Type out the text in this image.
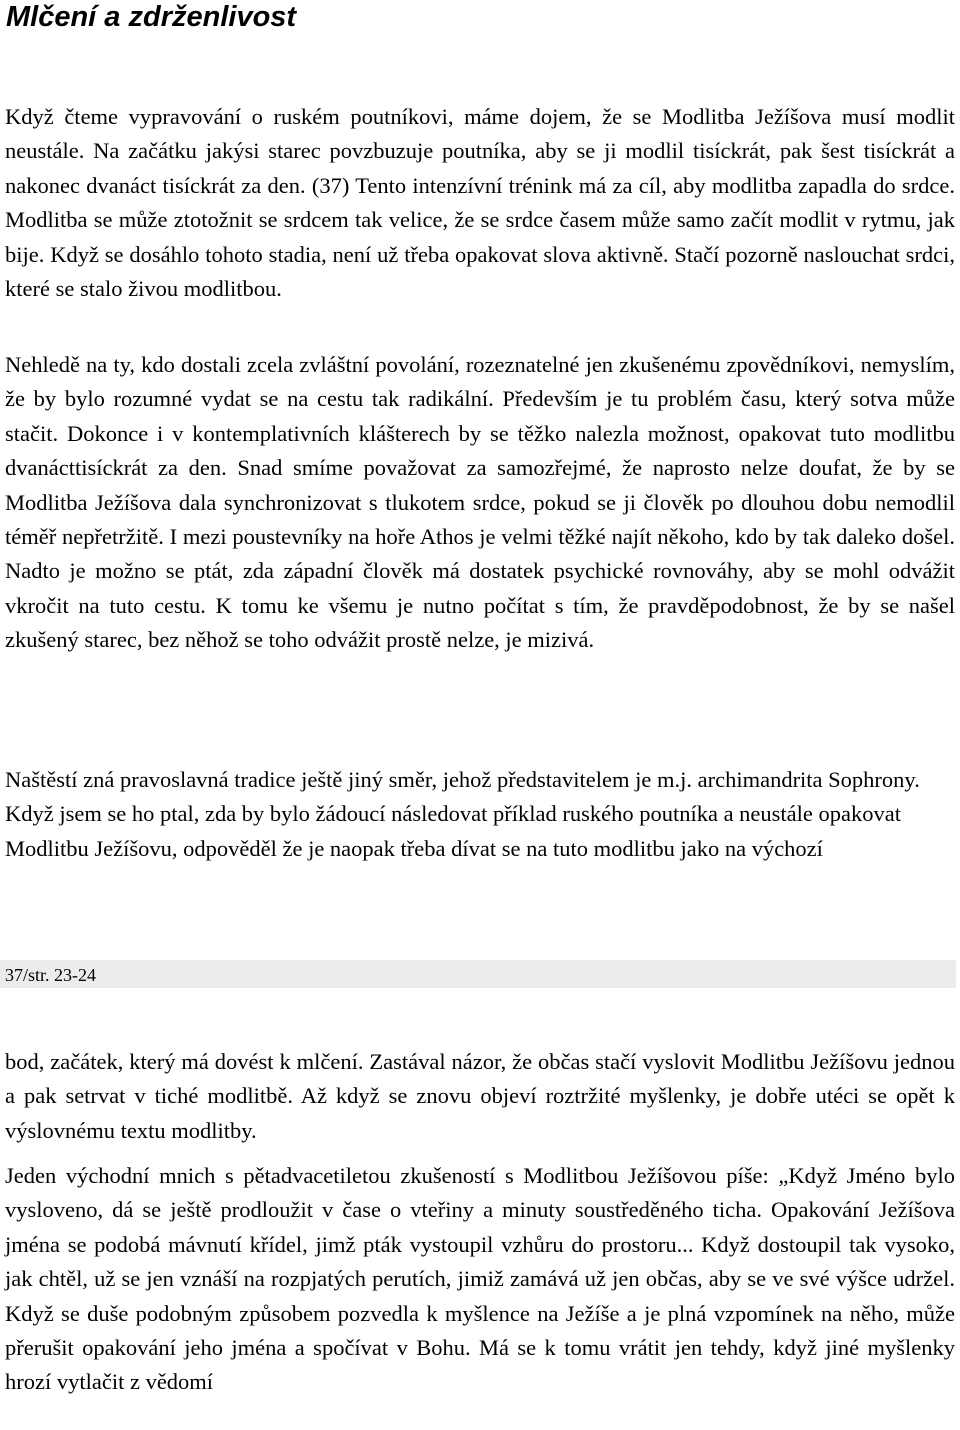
Mlčení a zdrženlivost

Když čteme vypravování o ruském poutníkovi, máme dojem, že se Modlitba Ježíšova musí modlit neustále. Na začátku jakýsi starec povzbuzuje poutníka, aby se ji modlil tisíckrát, pak šest tisíckrát a nakonec dvanáct tisíckrát za den. (37) Tento intenzívní trénink má za cíl, aby modlitba zapadla do srdce. Modlitba se může ztotožnit se srdcem tak velice, že se srdce časem může samo začít modlit v rytmu, jak bije. Když se dosáhlo tohoto stadia, není už třeba opakovat slova aktivně. Stačí pozorně naslouchat srdci, které se stalo živou modlitbou.

Nehledě na ty, kdo dostali zcela zvláštní povolání, rozeznatelné jen zkušenému zpovědníkovi, nemyslím, že by bylo rozumné vydat se na cestu tak radikální. Především je tu problém času, který sotva může stačit. Dokonce i v kontemplativních klášterech by se těžko nalezla možnost, opakovat tuto modlitbu dvanácttisíckrát za den. Snad smíme považovat za samozřejmé, že naprosto nelze doufat, že by se Modlitba Ježíšova dala synchronizovat s tlukotem srdce, pokud se ji člověk po dlouhou dobu nemodlil téměř nepřetržitě. I mezi poustevníky na hoře Athos je velmi těžké najít někoho, kdo by tak daleko došel. Nadto je možno se ptát, zda západní člověk má dostatek psychické rovnováhy, aby se mohl odvážit vkročit na tuto cestu. K tomu ke všemu je nutno počítat s tím, že pravděpodobnost, že by se našel zkušený starec, bez něhož se toho odvážit prostě nelze, je mizivá.

Naštěstí zná pravoslavná tradice ještě jiný směr, jehož představitelem je m.j. archimandrita Sophrony. Když jsem se ho ptal, zda by bylo žádoucí následovat příklad ruského poutníka a neustále opakovat Modlitbu Ježíšovu, odpověděl že je naopak třeba dívat se na tuto modlitbu jako na výchozí

37/str. 23-24

bod, začátek, který má dovést k mlčení. Zastával názor, že občas stačí vyslovit Modlitbu Ježíšovu jednou a pak setrvat v tiché modlitbě. Až když se znovu objeví roztržité myšlenky, je dobře utéci se opět k výslovnému textu modlitby.

Jeden východní mnich s pětadvacetiletou zkušeností s Modlitbou Ježíšovou píše: „Když Jméno bylo vysloveno, dá se ještě prodloužit v čase o vteřiny a minuty soustředěného ticha. Opakování Ježíšova jména se podobá mávnutí křídel, jimž pták vystoupil vzhůru do prostoru... Když dostoupil tak vysoko, jak chtěl, už se jen vznáší na rozpjatých perutích, jimiž zamává už jen občas, aby se ve své výšce udržel. Když se duše podobným způsobem pozvedla k myšlence na Ježíše a je plná vzpomínek na něho, může přerušit opakování jeho jména a spočívat v Bohu. Má se k tomu vrátit jen tehdy, když jiné myšlenky hrozí vytlačit z vědomí
